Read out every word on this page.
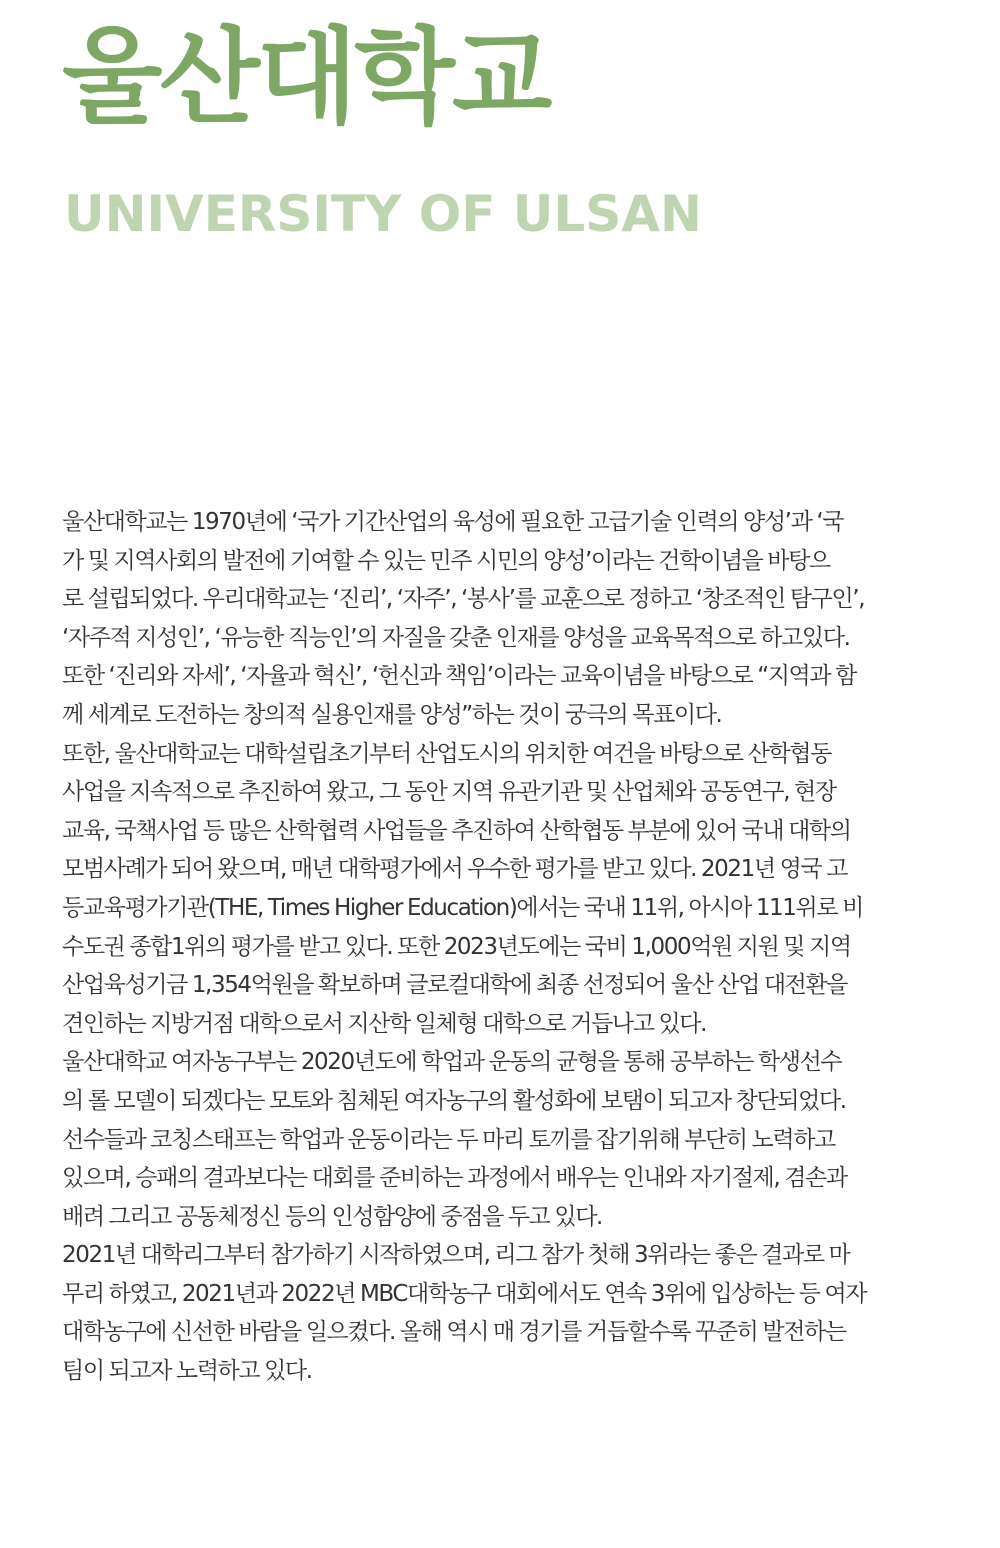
울산대학교
UNIVERSITY OF ULSAN
울산대학교는 1970년에 ‘국가 기간산업의 육성에 필요한 고급기술 인력의 양성’과 ‘국
가 및 지역사회의 발전에 기여할 수 있는 민주 시민의 양성’이라는 건학이념을 바탕으
로 설립되었다. 우리대학교는 ‘진리’, ‘자주’, ‘봉사’를 교훈으로 정하고 ‘창조적인 탐구인’,
‘자주적 지성인’, ‘유능한 직능인’의 자질을 갖춘 인재를 양성을 교육목적으로 하고있다.
또한 ‘진리와 자세’, ‘자율과 혁신’, ‘헌신과 책임’이라는 교육이념을 바탕으로 “지역과 함
께 세계로 도전하는 창의적 실용인재를 양성”하는 것이 궁극의 목표이다.
또한, 울산대학교는 대학설립초기부터 산업도시의 위치한 여건을 바탕으로 산학협동
사업을 지속적으로 추진하여 왔고, 그 동안 지역 유관기관 및 산업체와 공동연구, 현장
교육, 국책사업 등 많은 산학협력 사업들을 추진하여 산학협동 부분에 있어 국내 대학의
모범사례가 되어 왔으며, 매년 대학평가에서 우수한 평가를 받고 있다. 2021년 영국 고
등교육평가기관(THE, Times Higher Education)에서는 국내 11위, 아시아 111위로 비
수도권 종합1위의 평가를 받고 있다. 또한 2023년도에는 국비 1,000억원 지원 및 지역
산업육성기금 1,354억원을 확보하며 글로컬대학에 최종 선정되어 울산 산업 대전환을
견인하는 지방거점 대학으로서 지산학 일체형 대학으로 거듭나고 있다.
울산대학교 여자농구부는 2020년도에 학업과 운동의 균형을 통해 공부하는 학생선수
의 롤 모델이 되겠다는 모토와 침체된 여자농구의 활성화에 보탬이 되고자 창단되었다.
선수들과 코칭스태프는 학업과 운동이라는 두 마리 토끼를 잡기위해 부단히 노력하고
있으며, 승패의 결과보다는 대회를 준비하는 과정에서 배우는 인내와 자기절제, 겸손과
배려 그리고 공동체정신 등의 인성함양에 중점을 두고 있다.
2021년 대학리그부터 참가하기 시작하였으며, 리그 참가 첫해 3위라는 좋은 결과로 마
무리 하였고, 2021년과 2022년 MBC대학농구 대회에서도 연속 3위에 입상하는 등 여자
대학농구에 신선한 바람을 일으켰다. 올해 역시 매 경기를 거듭할수록 꾸준히 발전하는
팀이 되고자 노력하고 있다.
